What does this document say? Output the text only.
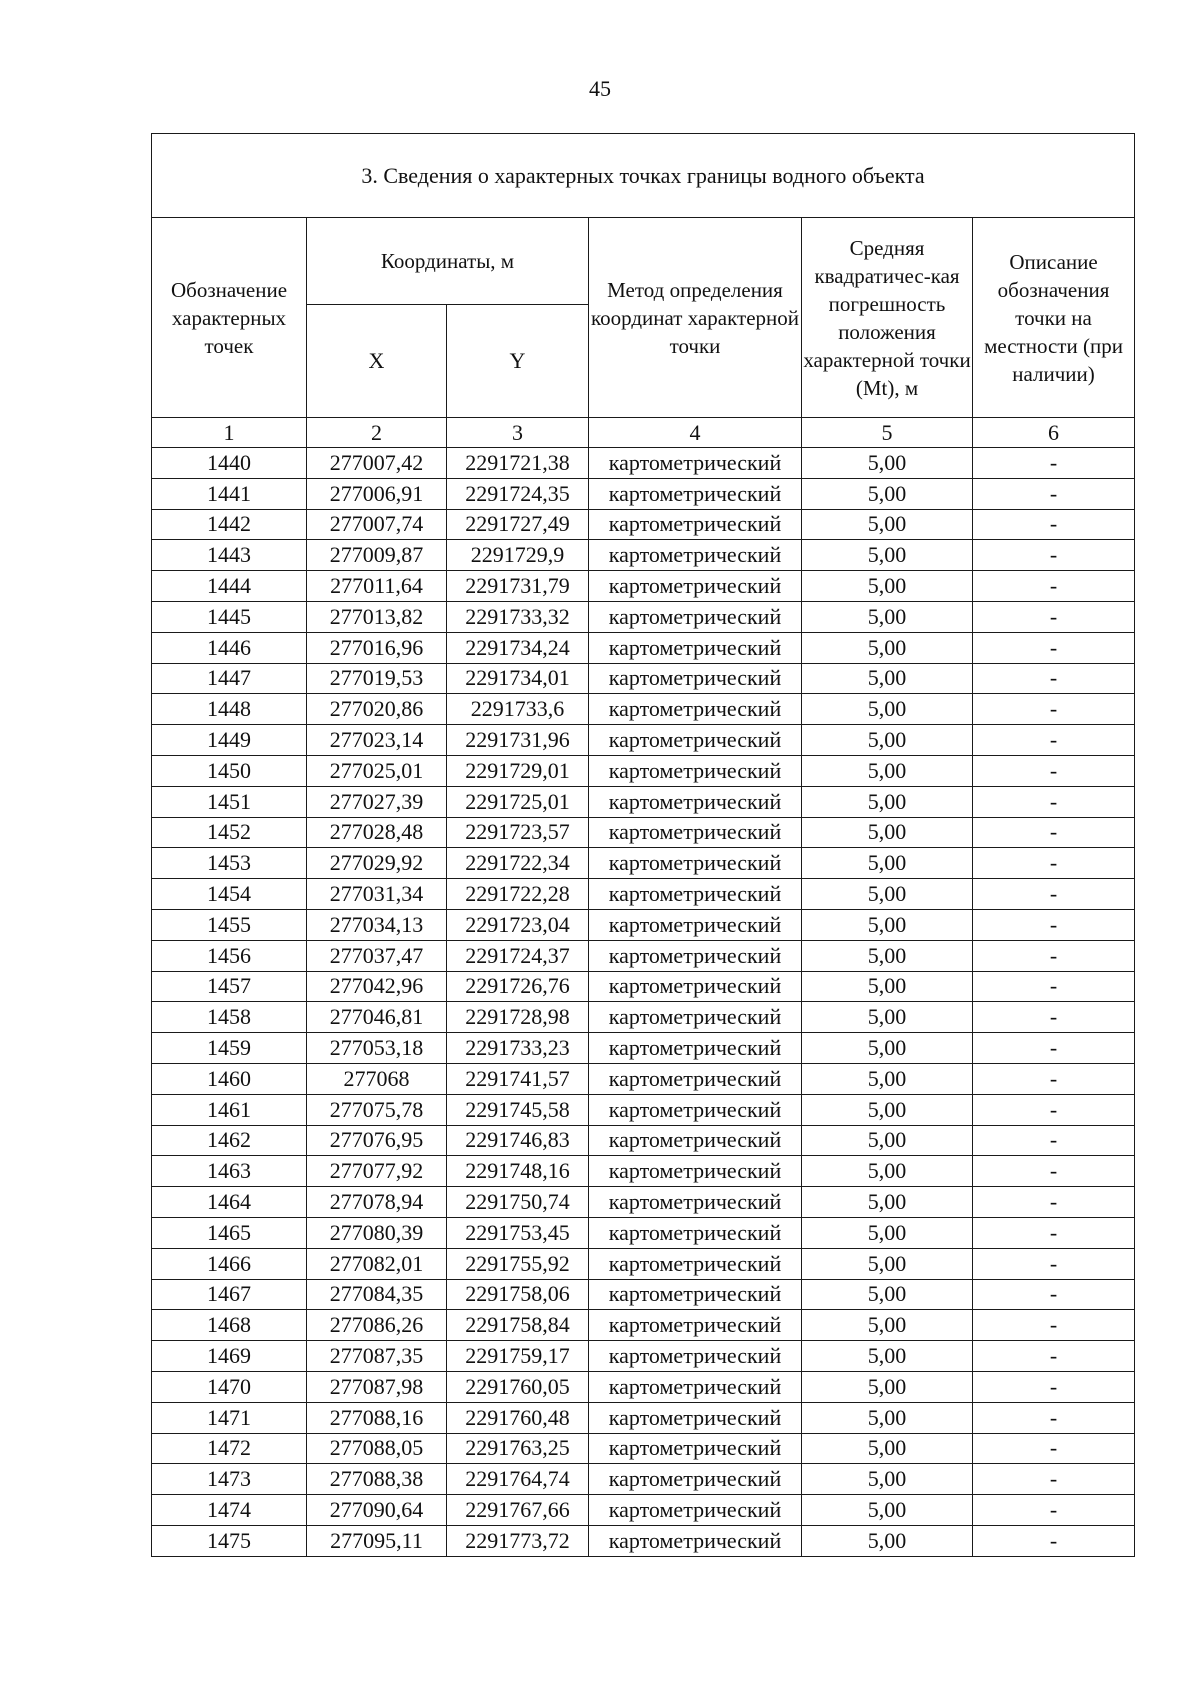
45
3. Сведения о характерных точках границы водного объекта					
Обозначение характерных точек	Координаты, м		Метод определения координат характерной точки	Средняя квадратичес-кая погрешность положения характерной точки (Mt), м	Описание обозначения точки на местности (при наличии)
	X	Y			
1	2	3	4	5	6
1440	277007,42	2291721,38	картометрический	5,00	-
1441	277006,91	2291724,35	картометрический	5,00	-
1442	277007,74	2291727,49	картометрический	5,00	-
1443	277009,87	2291729,9	картометрический	5,00	-
1444	277011,64	2291731,79	картометрический	5,00	-
1445	277013,82	2291733,32	картометрический	5,00	-
1446	277016,96	2291734,24	картометрический	5,00	-
1447	277019,53	2291734,01	картометрический	5,00	-
1448	277020,86	2291733,6	картометрический	5,00	-
1449	277023,14	2291731,96	картометрический	5,00	-
1450	277025,01	2291729,01	картометрический	5,00	-
1451	277027,39	2291725,01	картометрический	5,00	-
1452	277028,48	2291723,57	картометрический	5,00	-
1453	277029,92	2291722,34	картометрический	5,00	-
1454	277031,34	2291722,28	картометрический	5,00	-
1455	277034,13	2291723,04	картометрический	5,00	-
1456	277037,47	2291724,37	картометрический	5,00	-
1457	277042,96	2291726,76	картометрический	5,00	-
1458	277046,81	2291728,98	картометрический	5,00	-
1459	277053,18	2291733,23	картометрический	5,00	-
1460	277068	2291741,57	картометрический	5,00	-
1461	277075,78	2291745,58	картометрический	5,00	-
1462	277076,95	2291746,83	картометрический	5,00	-
1463	277077,92	2291748,16	картометрический	5,00	-
1464	277078,94	2291750,74	картометрический	5,00	-
1465	277080,39	2291753,45	картометрический	5,00	-
1466	277082,01	2291755,92	картометрический	5,00	-
1467	277084,35	2291758,06	картометрический	5,00	-
1468	277086,26	2291758,84	картометрический	5,00	-
1469	277087,35	2291759,17	картометрический	5,00	-
1470	277087,98	2291760,05	картометрический	5,00	-
1471	277088,16	2291760,48	картометрический	5,00	-
1472	277088,05	2291763,25	картометрический	5,00	-
1473	277088,38	2291764,74	картометрический	5,00	-
1474	277090,64	2291767,66	картометрический	5,00	-
1475	277095,11	2291773,72	картометрический	5,00	-
